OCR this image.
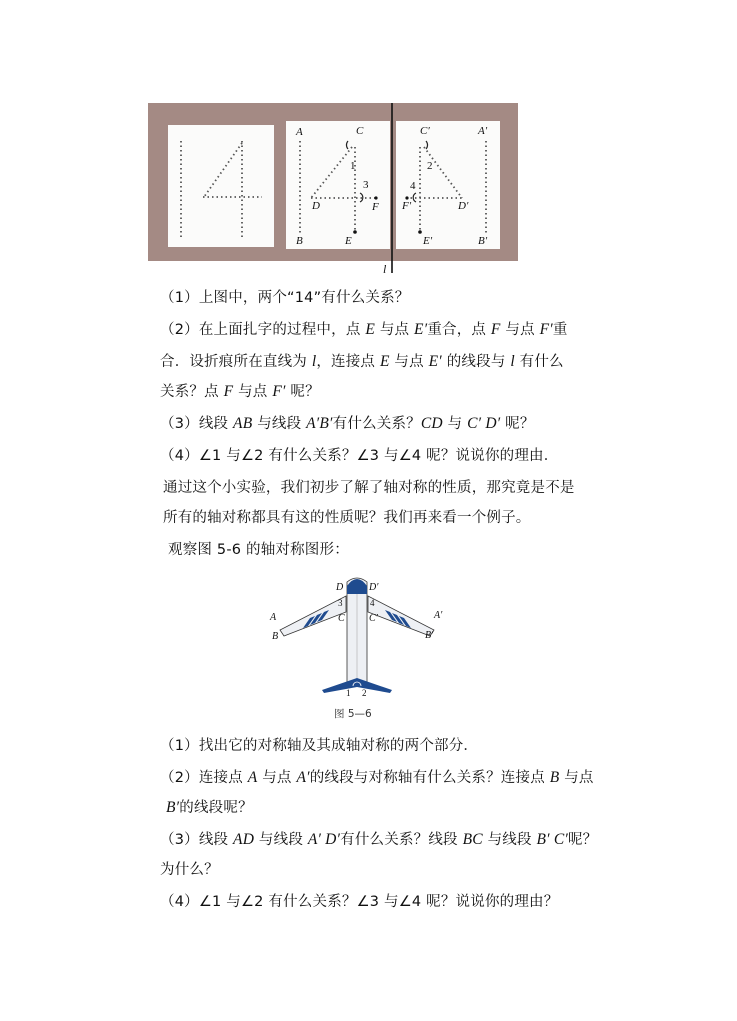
A	C
1
3
D	F
B	E
C′	A′
2
4
F′	D′
E′	B′
l
（1）上图中，两个“14”有什么关系？
（2）在上面扎字的过程中，点 E 与点 E′重合，点 F 与点 F′重
合．设折痕所在直线为 l，连接点 E 与点 E′ 的线段与 l 有什么
关系？点 F 与点 F′ 呢？
（3）线段 AB 与线段 A′B′有什么关系？CD 与 C′ D′ 呢？
（4）∠1 与∠2 有什么关系？∠3 与∠4 呢？说说你的理由．
通过这个小实验，我们初步了解了轴对称的性质，那究竟是不是
所有的轴对称都具有这的性质呢？我们再来看一个例子。
观察图 5-6 的轴对称图形：
D	D′
3	4
A	A′
C C′
B	B′
1 2
图 5—6
（1）找出它的对称轴及其成轴对称的两个部分．
（2）连接点 A 与点 A′的线段与对称轴有什么关系？连接点 B 与点
B′的线段呢？
（3）线段 AD 与线段 A′ D′有什么关系？线段 BC 与线段 B′ C′呢？
为什么？
（4）∠1 与∠2 有什么关系？∠3 与∠4 呢？说说你的理由？
